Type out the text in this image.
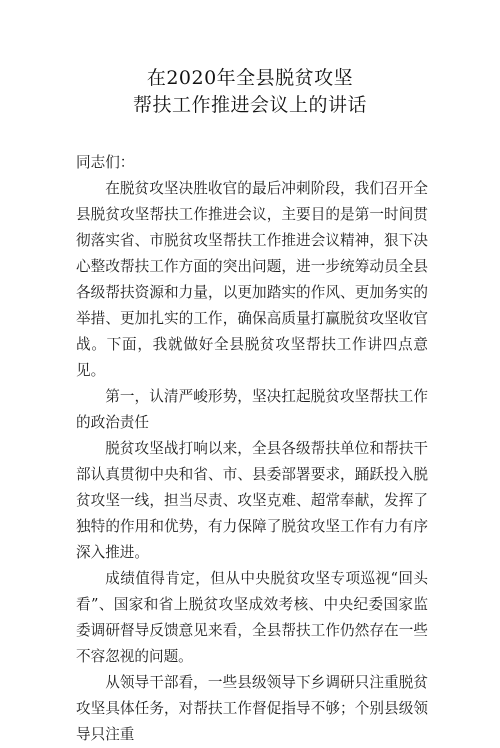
在2020年全县脱贫攻坚
帮扶工作推进会议上的讲话

同志们：

在脱贫攻坚决胜收官的最后冲刺阶段，我们召开全县脱贫攻坚帮扶工作推进会议，主要目的是第一时间贯彻落实省、市脱贫攻坚帮扶工作推进会议精神，狠下决心整改帮扶工作方面的突出问题，进一步统筹动员全县各级帮扶资源和力量，以更加踏实的作风、更加务实的举措、更加扎实的工作，确保高质量打赢脱贫攻坚收官战。下面，我就做好全县脱贫攻坚帮扶工作讲四点意见。

第一，认清严峻形势，坚决扛起脱贫攻坚帮扶工作的政治责任

脱贫攻坚战打响以来，全县各级帮扶单位和帮扶干部认真贯彻中央和省、市、县委部署要求，踊跃投入脱贫攻坚一线，担当尽责、攻坚克难、超常奉献，发挥了独特的作用和优势，有力保障了脱贫攻坚工作有力有序深入推进。

成绩值得肯定，但从中央脱贫攻坚专项巡视“回头看”、国家和省上脱贫攻坚成效考核、中央纪委国家监委调研督导反馈意见来看，全县帮扶工作仍然存在一些不容忽视的问题。

从领导干部看，一些县级领导下乡调研只注重脱贫攻坚具体任务，对帮扶工作督促指导不够；个别县级领导只注重
